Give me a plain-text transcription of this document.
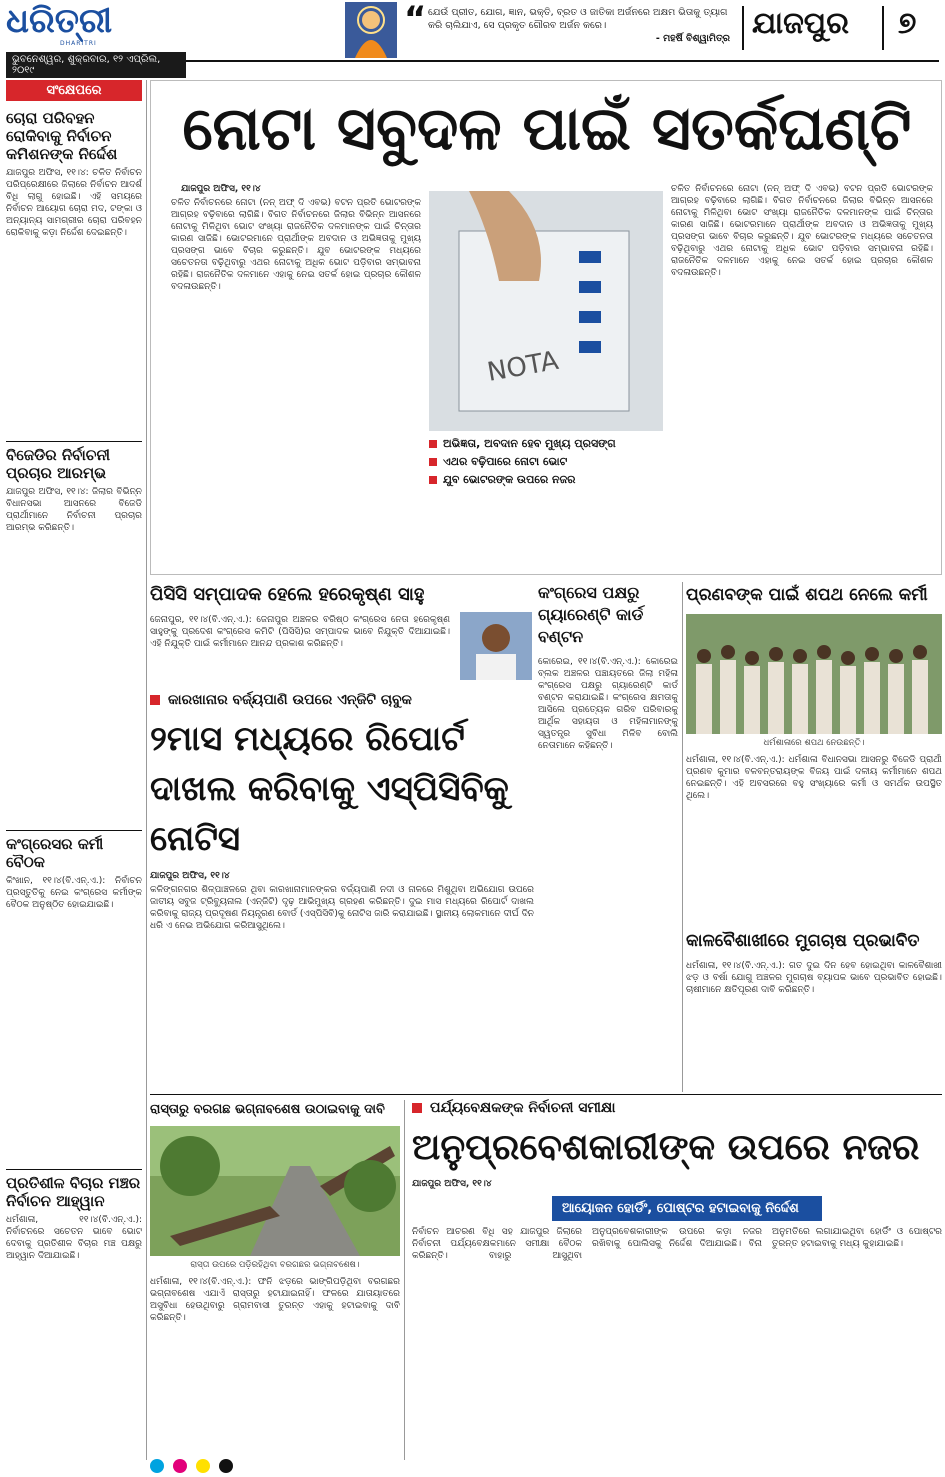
ଧରିତ୍ରୀ
DHARITRI
“ ଯେଉଁ ପ୍ରୀତ, ଯୋଗ, ଜ୍ଞାନ, ଭକ୍ତି, ବ୍ରତ ଓ ଜାତିକା ଅର୍ଜନରେ ଅକ୍ଷମ ଭିତାକୁ ତ୍ୟାଗ କରି ଚାଲିଯାଏ, ସେ ପ୍ରକୃତ ଗୌରବ ଅର୍ଜନ କରେ।
- ମହର୍ଷି ବିଶ୍ୱାମିତ୍ର ଯାଜପୁର ୭
ଭୁବନେଶ୍ୱର, ଶୁକ୍ରବାର, ୧୨ ଏପ୍ରିଲ, ୨୦୧୯
ସଂକ୍ଷେପରେ
ଚୋରା ପରିବହନ ରୋକିବାକୁ ନିର୍ବାଚନ କମିଶନଙ୍କ ନିର୍ଦ୍ଦେଶ
ଯାଜପୁର ଅଫିସ, ୧୧।୪: ଚଳିତ ନିର୍ବାଚନ ପରିପ୍ରେକ୍ଷୀରେ ଜିଲାରେ ନିର୍ବାଚନ ଆଦର୍ଶ ବିଧି ଲାଗୁ ହୋଇଛି। ଏହି ସମୟରେ ନିର୍ବାଚନ ଆୟୋଗ ଚୋରା ମଦ, ଟଙ୍କା ଓ ଅନ୍ୟାନ୍ୟ ସାମଗ୍ରୀର ଚୋରା ପରିବହନ ରୋକିବାକୁ କଡ଼ା ନିର୍ଦ୍ଦେଶ ଦେଇଛନ୍ତି।
ବିଜେଡିର ନିର୍ବାଚନୀ ପ୍ରଚାର ଆରମ୍ଭ
ଯାଜପୁର ଅଫିସ, ୧୧।୪: ଜିଲାର ବିଭିନ୍ନ ବିଧାନସଭା ଆସନରେ ବିଜେଡି ପ୍ରାର୍ଥୀମାନେ ନିର୍ବାଚନୀ ପ୍ରଚାର ଆରମ୍ଭ କରିଛନ୍ତି।
କଂଗ୍ରେସର କର୍ମୀ ବୈଠକ
କିଂଖାନ, ୧୧।୪(ବି.ଏନ୍.ଏ.): ନିର୍ବାଚନ ପ୍ରସ୍ତୁତିକୁ ନେଇ କଂଗ୍ରେସ କର୍ମୀଙ୍କ ବୈଠକ ଅନୁଷ୍ଠିତ ହୋଇଯାଇଛି।
ପ୍ରତିଶୀଳ ବିଚାର ମଞ୍ଚର ନିର୍ବାଚନ ଆହ୍ୱାନ
ଧର୍ମଶାଳା, ୧୧।୪(ବି.ଏନ୍.ଏ.): ନିର୍ବାଚନରେ ସଚେତନ ଭାବେ ଭୋଟ ଦେବାକୁ ପ୍ରତିଶୀଳ ବିଚାର ମଞ୍ଚ ପକ୍ଷରୁ ଆହ୍ୱାନ ଦିଆଯାଇଛି।
ନୋଟା ସବୁଦଳ ପାଇଁ ସତର୍କଘଣ୍ଟି
ଯାଜପୁର ଅଫିସ, ୧୧।୪
ଚଳିତ ନିର୍ବାଚନରେ ନୋଟା (ନନ୍ ଅଫ୍ ଦି ଏବଭ) ବଟନ ପ୍ରତି ଭୋଟରଙ୍କ ଆଗ୍ରହ ବଢ଼ିବାରେ ଲାଗିଛି। ବିଗତ ନିର୍ବାଚନରେ ଜିଲାର ବିଭିନ୍ନ ଆସନରେ ନୋଟାକୁ ମିଳିଥିବା ଭୋଟ ସଂଖ୍ୟା ରାଜନୈତିକ ଦଳମାନଙ୍କ ପାଇଁ ଚିନ୍ତାର କାରଣ ସାଜିଛି। ଭୋଟରମାନେ ପ୍ରାର୍ଥୀଙ୍କ ଅବଦାନ ଓ ଅଭିଜ୍ଞତାକୁ ମୁଖ୍ୟ ପ୍ରସଙ୍ଗ ଭାବେ ବିଚାର କରୁଛନ୍ତି। ଯୁବ ଭୋଟରଙ୍କ ମଧ୍ୟରେ ସଚେତନତା ବଢ଼ିଥିବାରୁ ଏଥର ନୋଟାକୁ ଅଧିକ ଭୋଟ ପଡ଼ିବାର ସମ୍ଭାବନା ରହିଛି। ରାଜନୈତିକ ଦଳମାନେ ଏହାକୁ ନେଇ ସତର୍କ ହୋଇ ପ୍ରଚାର କୌଶଳ ବଦଳାଉଛନ୍ତି।
NOTA
ଅଭିଜ୍ଞତା, ଅବଦାନ ହେବ ମୁଖ୍ୟ ପ୍ରସଙ୍ଗ
ଏଥର ବଢ଼ିପାରେ ନୋଟା ଭୋଟ
ଯୁବ ଭୋଟରଙ୍କ ଉପରେ ନଜର
ଚଳିତ ନିର୍ବାଚନରେ ନୋଟା (ନନ୍ ଅଫ୍ ଦି ଏବଭ) ବଟନ ପ୍ରତି ଭୋଟରଙ୍କ ଆଗ୍ରହ ବଢ଼ିବାରେ ଲାଗିଛି। ବିଗତ ନିର୍ବାଚନରେ ଜିଲାର ବିଭିନ୍ନ ଆସନରେ ନୋଟାକୁ ମିଳିଥିବା ଭୋଟ ସଂଖ୍ୟା ରାଜନୈତିକ ଦଳମାନଙ୍କ ପାଇଁ ଚିନ୍ତାର କାରଣ ସାଜିଛି। ଭୋଟରମାନେ ପ୍ରାର୍ଥୀଙ୍କ ଅବଦାନ ଓ ଅଭିଜ୍ଞତାକୁ ମୁଖ୍ୟ ପ୍ରସଙ୍ଗ ଭାବେ ବିଚାର କରୁଛନ୍ତି। ଯୁବ ଭୋଟରଙ୍କ ମଧ୍ୟରେ ସଚେତନତା ବଢ଼ିଥିବାରୁ ଏଥର ନୋଟାକୁ ଅଧିକ ଭୋଟ ପଡ଼ିବାର ସମ୍ଭାବନା ରହିଛି। ରାଜନୈତିକ ଦଳମାନେ ଏହାକୁ ନେଇ ସତର୍କ ହୋଇ ପ୍ରଚାର କୌଶଳ ବଦଳାଉଛନ୍ତି।
ପିସିସି ସମ୍ପାଦକ ହେଲେ ହରେକୃଷ୍ଣ ସାହୁ
ଜେନାପୁର, ୧୧।୪(ବି.ଏନ୍.ଏ.): ଜେନାପୁର ଅଞ୍ଚଳର ବରିଷ୍ଠ କଂଗ୍ରେସ ନେତା ହରେକୃଷ୍ଣ ସାହୁଙ୍କୁ ପ୍ରଦେଶ କଂଗ୍ରେସ କମିଟି (ପିସିସି)ର ସମ୍ପାଦକ ଭାବେ ନିଯୁକ୍ତି ଦିଆଯାଇଛି। ଏହି ନିଯୁକ୍ତି ପାଇଁ କର୍ମୀମାନେ ଆନନ୍ଦ ପ୍ରକାଶ କରିଛନ୍ତି।
କାରଖାନାର ବର୍ଜ୍ୟପାଣି ଉପରେ ଏନ୍‌ଜିଟି ଚାବୁକ
୨ମାସ ମଧ୍ୟରେ ରିପୋର୍ଟ ଦାଖଲ କରିବାକୁ ଏସ୍‌ପିସିବିକୁ ନୋଟିସ
ଯାଜପୁର ଅଫିସ, ୧୧।୪
କଳିଙ୍ଗନଗର ଶିଳ୍ପାଞ୍ଚଳରେ ଥିବା କାରଖାନାମାନଙ୍କର ବର୍ଜ୍ୟପାଣି ନଦୀ ଓ ନାଳରେ ମିଶୁଥିବା ଅଭିଯୋଗ ଉପରେ ଜାତୀୟ ସବୁଜ ଟ୍ରିବ୍ୟୁନାଲ (ଏନ୍‌ଜିଟି) ଦୃଢ଼ ଆଭିମୁଖ୍ୟ ଗ୍ରହଣ କରିଛନ୍ତି। ଦୁଇ ମାସ ମଧ୍ୟରେ ରିପୋର୍ଟ ଦାଖଲ କରିବାକୁ ରାଜ୍ୟ ପ୍ରଦୂଷଣ ନିୟନ୍ତ୍ରଣ ବୋର୍ଡ (ଏସ୍‌ପିସିବି)କୁ ନୋଟିସ ଜାରି କରାଯାଇଛି। ସ୍ଥାନୀୟ ଲୋକମାନେ ଦୀର୍ଘ ଦିନ ଧରି ଏ ନେଇ ଅଭିଯୋଗ କରିଆସୁଥିଲେ।
କଂଗ୍ରେସ ପକ୍ଷରୁ ଗ୍ୟାରେଣ୍ଟି କାର୍ଡ ବଣ୍ଟନ
କୋରେଇ, ୧୧।୪(ବି.ଏନ୍.ଏ.): କୋରେଇ ବ୍ଲକ ଅଞ୍ଚଳର ପଞ୍ଚାୟତରେ ଜିଲା ମହିଳା କଂଗ୍ରେସ ପକ୍ଷରୁ ଗ୍ୟାରେଣ୍ଟି କାର୍ଡ ବଣ୍ଟନ କରାଯାଇଛି। କଂଗ୍ରେସ କ୍ଷମତାକୁ ଆସିଲେ ପ୍ରତ୍ୟେକ ଗରିବ ପରିବାରକୁ ଆର୍ଥିକ ସହାୟତା ଓ ମହିଳାମାନଙ୍କୁ ସ୍ୱତନ୍ତ୍ର ସୁବିଧା ମିଳିବ ବୋଲି ନେତାମାନେ କହିଛନ୍ତି।
ପ୍ରଣବଙ୍କ ପାଇଁ ଶପଥ ନେଲେ କର୍ମୀ
ଧର୍ମଶାଳାରେ ଶପଥ ନେଉଛନ୍ତି।
ଧର୍ମଶାଳା, ୧୧।୪(ବି.ଏନ୍.ଏ.): ଧର୍ମଶାଳା ବିଧାନସଭା ଆସନରୁ ବିଜେଡି ପ୍ରାର୍ଥୀ ପ୍ରଣବ କୁମାର ବଳବନ୍ତରାୟଙ୍କ ବିଜୟ ପାଇଁ ଦଳୀୟ କର୍ମୀମାନେ ଶପଥ ନେଇଛନ୍ତି। ଏହି ଅବସରରେ ବହୁ ସଂଖ୍ୟାରେ କର୍ମୀ ଓ ସମର୍ଥକ ଉପସ୍ଥିତ ଥିଲେ।
କାଳବୈଶାଖୀରେ ମୁଗଚାଷ ପ୍ରଭାବିତ
ଧର୍ମଶାଳା, ୧୧।୪(ବି.ଏନ୍.ଏ.): ଗତ ଦୁଇ ଦିନ ହେବ ହୋଇଥିବା କାଳବୈଶାଖୀ ଝଡ଼ ଓ ବର୍ଷା ଯୋଗୁ ଅଞ୍ଚଳର ମୁଗଚାଷ ବ୍ୟାପକ ଭାବେ ପ୍ରଭାବିତ ହୋଇଛି। ଚାଷୀମାନେ କ୍ଷତିପୂରଣ ଦାବି କରିଛନ୍ତି।
ରାସ୍ତାରୁ ବରଗଛ ଭଗ୍ନାବଶେଷ ଉଠାଇବାକୁ ଦାବି
ରାସ୍ତା ଉପରେ ପଡ଼ିରହିଥିବା ବରଗଛର ଭଗ୍ନାବଶେଷ।
ଧର୍ମଶାଳା, ୧୧।୪(ବି.ଏନ୍.ଏ.): ଫନି ଝଡ଼ରେ ଭାଙ୍ଗିପଡ଼ିଥିବା ବରଗଛର ଭଗ୍ନାବଶେଷ ଏଯାଏଁ ରାସ୍ତାରୁ ହଟାଯାଇନାହିଁ। ଫଳରେ ଯାତାୟାତରେ ଅସୁବିଧା ହେଉଥିବାରୁ ଗ୍ରାମବାସୀ ତୁରନ୍ତ ଏହାକୁ ହଟାଇବାକୁ ଦାବି କରିଛନ୍ତି।
ପର୍ଯ୍ୟବେକ୍ଷକଙ୍କ ନିର୍ବାଚନୀ ସମୀକ୍ଷା
ଅନୁପ୍ରବେଶକାରୀଙ୍କ ଉପରେ ନଜର
ଯାଜପୁର ଅଫିସ, ୧୧।୪
ଆୟୋଜନ ହୋର୍ଡିଂ, ପୋଷ୍ଟର ହଟାଇବାକୁ ନିର୍ଦ୍ଦେଶ
ନିର୍ବାଚନ ଆଚରଣ ବିଧି ସହ ଯାଜପୁର ଜିଲାରେ ନିର୍ବାଚନୀ ପର୍ଯ୍ୟବେକ୍ଷକମାନେ ସମୀକ୍ଷା ବୈଠକ କରିଛନ୍ତି। ବାହାରୁ ଆସୁଥିବା ଅନୁପ୍ରବେଶକାରୀଙ୍କ ଉପରେ କଡ଼ା ନଜର ରଖିବାକୁ ପୋଲିସକୁ ନିର୍ଦ୍ଦେଶ ଦିଆଯାଇଛି। ବିନା ଅନୁମତିରେ ଲଗାଯାଇଥିବା ହୋର୍ଡିଂ ଓ ପୋଷ୍ଟର ତୁରନ୍ତ ହଟାଇବାକୁ ମଧ୍ୟ କୁହାଯାଇଛି।
